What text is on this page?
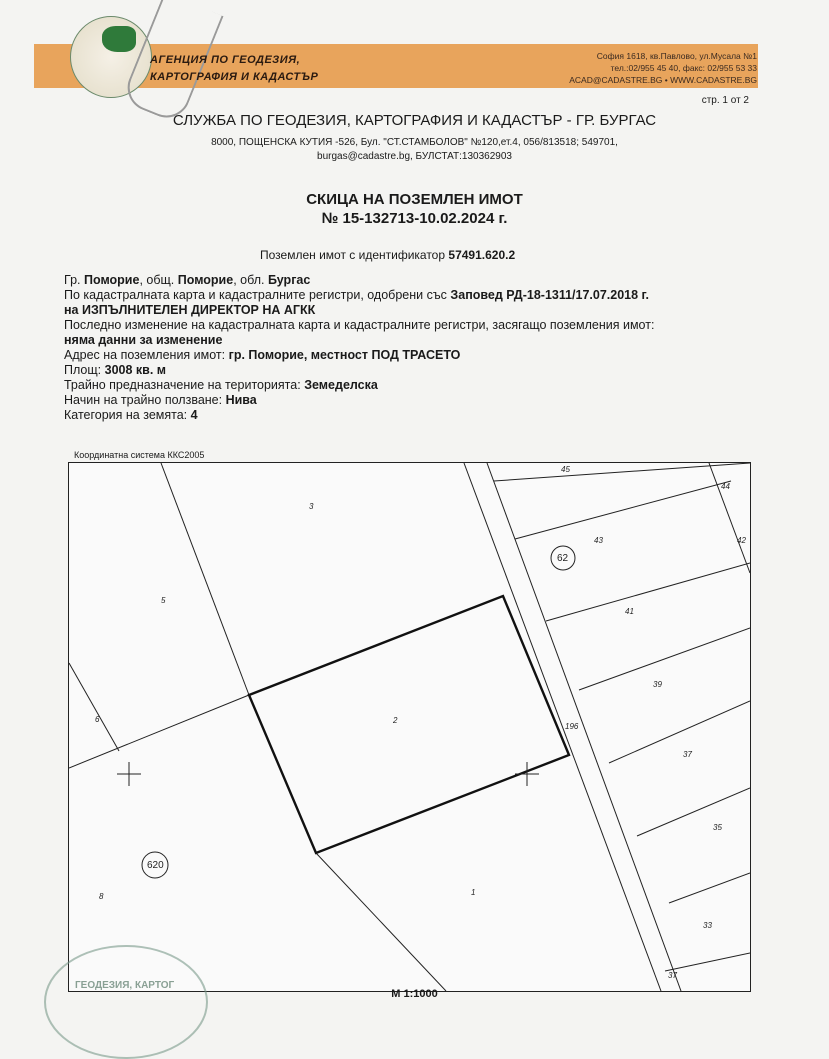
АГЕНЦИЯ ПО ГЕОДЕЗИЯ,
КАРТОГРАФИЯ И КАДАСТЪР
София 1618, кв.Павлово, ул.Мусала №1
тел.:02/955 45 40, факс: 02/955 53 33
ACAD@CADASTRE.BG • WWW.CADASTRE.BG
стр. 1 от 2
СЛУЖБА ПО ГЕОДЕЗИЯ, КАРТОГРАФИЯ И КАДАСТЪР - ГР. БУРГАС
8000, ПОЩЕНСКА КУТИЯ -526, Бул. "СТ.СТАМБОЛОВ" №120,ет.4, 056/813518; 549701,
burgas@cadastre.bg, БУЛСТАТ:130362903
СКИЦА НА ПОЗЕМЛЕН ИМОТ
№ 15-132713-10.02.2024 г.
Поземлен имот с идентификатор 57491.620.2
Гр. Поморие, общ. Поморие, обл. Бургас
По кадастралната карта и кадастралните регистри, одобрени със Заповед РД-18-1311/17.07.2018 г.
на ИЗПЪЛНИТЕЛЕН ДИРЕКТОР НА АГКК
Последно изменение на кадастралната карта и кадастралните регистри, засягащо поземления имот:
няма данни за изменение
Адрес на поземления имот: гр. Поморие, местност ПОД ТРАСЕТО
Площ: 3008 кв. м
Трайно предназначение на територията: Земеделска
Начин на трайно ползване: Нива
Категория на земята: 4
Координатна система ККС2005
45
44
42
43
62
41
39
196
37
35
33
37
3
5
6	2
620
8	1
ГЕОДЕЗИЯ, КАРТОГ
М 1:1000
